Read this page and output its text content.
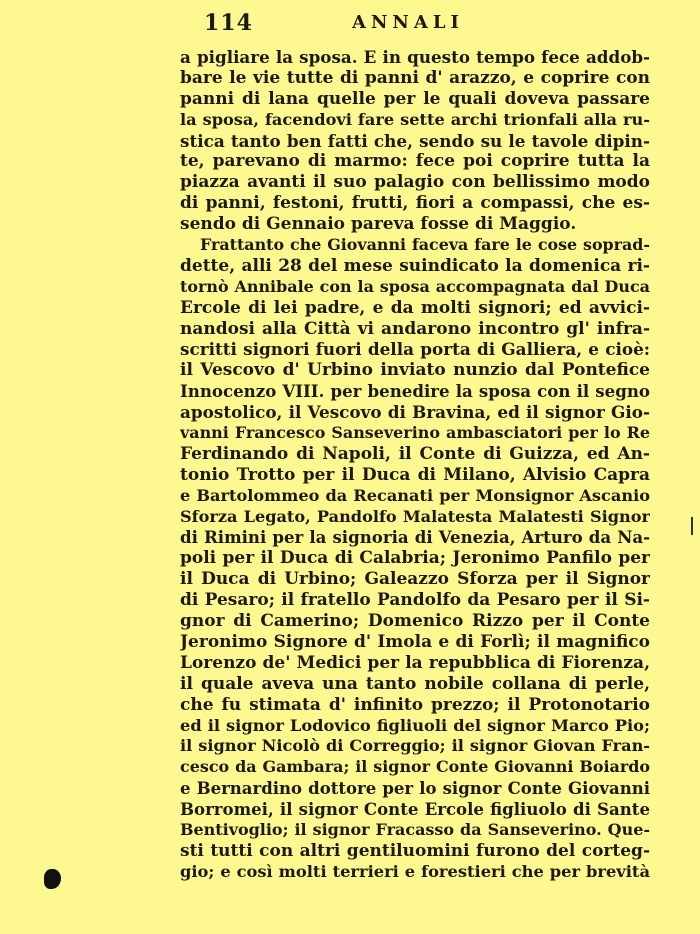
114	ANNALI
a pigliare la sposa. E in questo tempo fece addob-
bare le vie tutte di panni d' arazzo, e coprire con
panni di lana quelle per le quali doveva passare
la sposa, facendovi fare sette archi trionfali alla ru-
stica tanto ben fatti che, sendo su le tavole dipin-
te, parevano di marmo: fece poi coprire tutta la
piazza avanti il suo palagio con bellissimo modo
di panni, festoni, frutti, fiori a compassi, che es-
sendo di Gennaio pareva fosse di Maggio.
Frattanto che Giovanni faceva fare le cose soprad-
dette, alli 28 del mese suindicato la domenica ri-
tornò Annibale con la sposa accompagnata dal Duca
Ercole di lei padre, e da molti signori; ed avvici-
nandosi alla Città vi andarono incontro gl' infra-
scritti signori fuori della porta di Galliera, e cioè:
il Vescovo d' Urbino inviato nunzio dal Pontefice
Innocenzo VIII. per benedire la sposa con il segno
apostolico, il Vescovo di Bravina, ed il signor Gio-
vanni Francesco Sanseverino ambasciatori per lo Re
Ferdinando di Napoli, il Conte di Guizza, ed An-
tonio Trotto per il Duca di Milano, Alvisio Capra
e Bartolommeo da Recanati per Monsignor Ascanio
Sforza Legato, Pandolfo Malatesta Malatesti Signor
di Rimini per la signoria di Venezia, Arturo da Na-
poli per il Duca di Calabria; Jeronimo Panfilo per
il Duca di Urbino; Galeazzo Sforza per il Signor
di Pesaro; il fratello Pandolfo da Pesaro per il Si-
gnor di Camerino; Domenico Rizzo per il Conte
Jeronimo Signore d' Imola e di Forlì; il magnifico
Lorenzo de' Medici per la repubblica di Fiorenza,
il quale aveva una tanto nobile collana di perle,
che fu stimata d' infinito prezzo; il Protonotario
ed il signor Lodovico figliuoli del signor Marco Pio;
il signor Nicolò di Correggio; il signor Giovan Fran-
cesco da Gambara; il signor Conte Giovanni Boiardo
e Bernardino dottore per lo signor Conte Giovanni
Borromei, il signor Conte Ercole figliuolo di Sante
Bentivoglio; il signor Fracasso da Sanseverino. Que-
sti tutti con altri gentiluomini furono del corteg-
gio; e così molti terrieri e forestieri che per brevità
